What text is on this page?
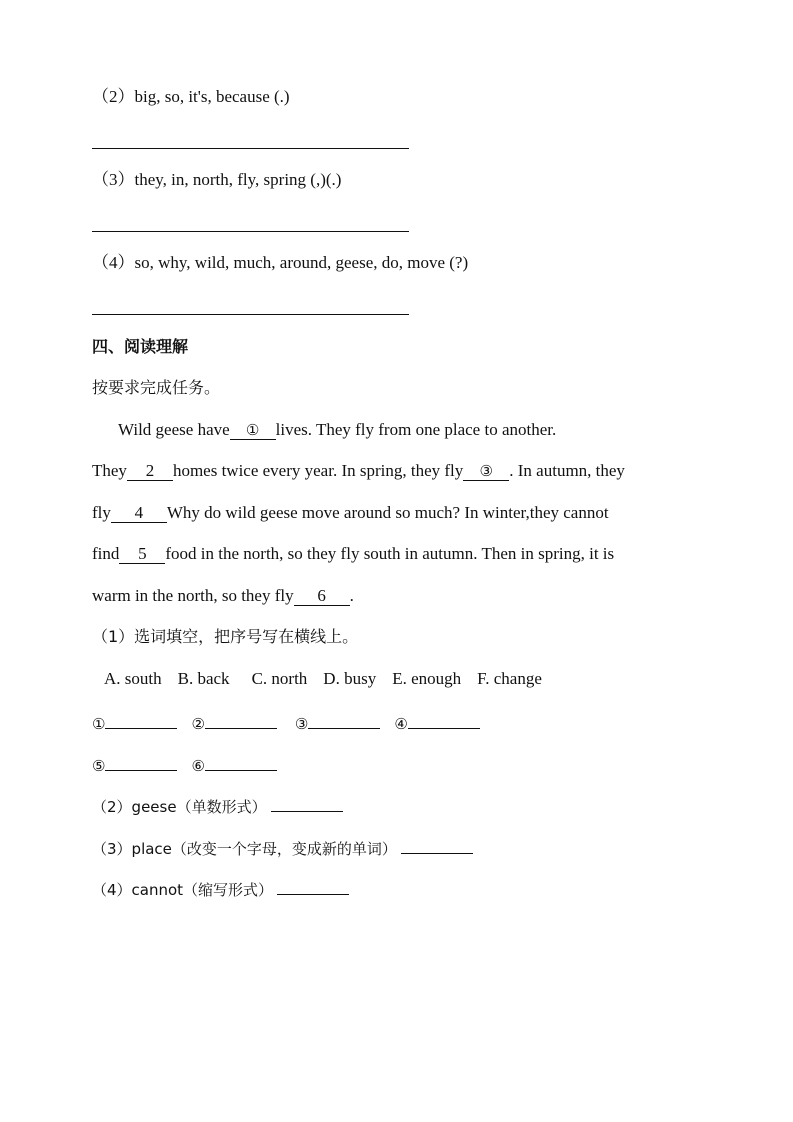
（2）big, so, it's, because (.)
（3）they, in, north, fly, spring (,)(.)
（4）so, why, wild, much, around, geese, do, move (?)
四、阅读理解
按要求完成任务。
Wild geese have ① lives. They fly from one place to another.
They 2 homes twice every year. In spring, they fly ③ . In autumn, they
fly 4 Why do wild geese move around so much? In winter,they cannot
find 5 food in the north, so they fly south in autumn. Then in spring, it is
warm in the north, so they fly 6 .
（1）选词填空，把序号写在横线上。
A. south B. back C. north D. busy E. enough F. change
①	②	③	④
⑤	⑥
（2）geese（单数形式）
（3）place（改变一个字母，变成新的单词）
（4）cannot（缩写形式）
